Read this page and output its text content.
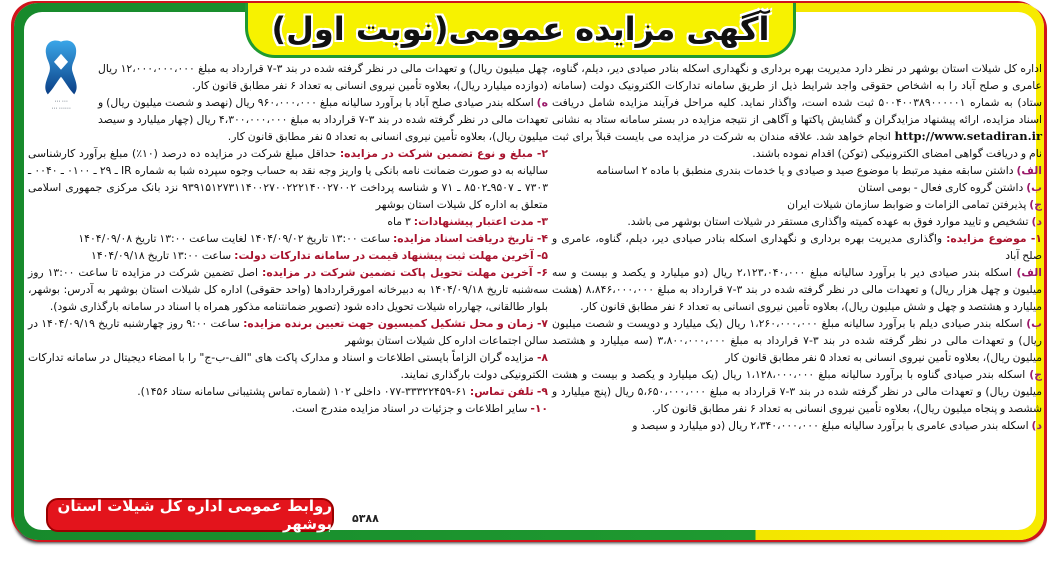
آگهی مزایده عمومی(نوبت اول)

اداره کل شیلات استان بوشهر در نظر دارد مدیریت بهره برداری و نگهداری اسکله بنادر صیادی دیر، دیلم، گناوه، عامری و صلح آباد را به اشخاص حقوقی واجد شرایط ذیل از طریق سامانه تدارکات الکترونیک دولت (سامانه ستاد) به شماره ۵۰۰۴۰۰۳۸۹۰۰۰۰۰۱ ثبت شده است، واگذار نماید. کلیه مراحل فرآیند مزایده شامل دریافت اسناد مزایده، ارائه پیشنهاد مزایدگران و گشایش پاکتها و آگاهی از نتیجه مزایده در بستر سامانه ستاد به نشانی http://www.setadiran.ir انجام خواهد شد. علاقه مندان به شرکت در مزایده می بایست قبلاً برای ثبت نام و دریافت گواهی امضای الکترونیکی (توکن) اقدام نموده باشند.

الف) داشتن سابقه مفید مرتبط با موضوع صید و صیادی و یا خدمات بندری منطبق با ماده ۲ اساسنامه

ب) داشتن گروه کاری فعال - بومی استان

ج) پذیرفتن تمامی الزامات و ضوابط سازمان شیلات ایران

د) تشخیص و تایید موارد فوق به عهده کمیته واگذاری مستقر در شیلات استان بوشهر می باشد.

۱- موضوع مزایده: واگذاری مدیریت بهره برداری و نگهداری اسکله بنادر صیادی دیر، دیلم، گناوه، عامری و صلح آباد

الف) اسکله بندر صیادی دیر با برآورد سالیانه مبلغ ۲،۱۲۳،۰۴۰،۰۰۰ ریال (دو میلیارد و یکصد و بیست و سه میلیون و چهل هزار ریال) و تعهدات مالی در نظر گرفته شده در بند ۳-۷ قرارداد به مبلغ ۸،۸۴۶،۰۰۰،۰۰۰ (هشت میلیارد و هشتصد و چهل و شش میلیون ریال)، بعلاوه تأمین نیروی انسانی به تعداد ۶ نفر مطابق قانون کار.

ب) اسکله بندر صیادی دیلم با برآورد سالیانه مبلغ ۱،۲۶۰،۰۰۰،۰۰۰ ریال (یک میلیارد و دویست و شصت میلیون ریال) و تعهدات مالی در نظر گرفته شده در بند ۳-۷ قرارداد به مبلغ ۳،۸۰۰،۰۰۰،۰۰۰ (سه میلیارد و هشتصد میلیون ریال)، بعلاوه تأمین نیروی انسانی به تعداد ۵ نفر مطابق قانون کار

ج) اسکله بندر صیادی گناوه با برآورد سالیانه مبلغ ۱،۱۲۸،۰۰۰،۰۰۰ ریال (یک میلیارد و یکصد و بیست و هشت میلیون ریال) و تعهدات مالی در نظر گرفته شده در بند ۳-۷ قرارداد به مبلغ ۵،۶۵۰،۰۰۰،۰۰۰ ریال (پنج میلیارد و ششصد و پنجاه میلیون ریال)، بعلاوه تأمین نیروی انسانی به تعداد ۶ نفر مطابق قانون کار.

د) اسکله بندر صیادی عامری با برآورد سالیانه مبلغ ۲،۳۴۰،۰۰۰،۰۰۰ ریال (دو میلیارد و سیصد و

⋯ ⋯
⋯⋯ ⋯

چهل میلیون ریال) و تعهدات مالی در نظر گرفته شده در بند ۳-۷ قرارداد به مبلغ ۱۲،۰۰۰،۰۰۰،۰۰۰ ریال (دوازده میلیارد ریال)، بعلاوه تأمین نیروی انسانی به تعداد ۶ نفر مطابق قانون کار.

ه) اسکله بندر صیادی صلح آباد با برآورد سالیانه مبلغ ۹۶۰،۰۰۰،۰۰۰ ریال (نهصد و شصت میلیون ریال) و تعهدات مالی در نظر گرفته شده در بند ۳-۷ قرارداد به مبلغ ۴،۳۰۰،۰۰۰،۰۰۰ ریال (چهار میلیارد و سیصد میلیون ریال)، بعلاوه تأمین نیروی انسانی به تعداد ۵ نفر مطابق قانون کار.

۲- مبلغ و نوع تضمین شرکت در مزایده: حداقل مبلغ شرکت در مزایده ده درصد (۱۰٪) مبلغ برآورد کارشناسی سالیانه به دو صورت ضمانت نامه بانکی یا واریز وجه نقد به حساب وجوه سپرده شبا به شماره IR ـ ۲۹ ـ ۰۱۰۰ ـ ۰۰۴۰ ـ ۷۳۰۳ ـ ۹۵۰۷ـ۸۵۰۲ ـ ۷۱ و شناسه پرداخت ۹۳۹۱۵۱۲۷۳۱۱۴۰۰۲۷۰۰۲۲۲۱۴۰۰۲۷۰۰۲ نزد بانک مرکزی جمهوری اسلامی متعلق به اداره کل شیلات استان بوشهر

۳- مدت اعتبار پیشنهادات: ۳ ماه

۴- تاریخ دریافت اسناد مزایده: ساعت ۱۳:۰۰ تاریخ ۱۴۰۴/۰۹/۰۲ لغایت ساعت ۱۳:۰۰ تاریخ ۱۴۰۴/۰۹/۰۸

۵- آخرین مهلت ثبت پیشنهاد قیمت در سامانه تدارکات دولت: ساعت ۱۳:۰۰ تاریخ ۱۴۰۴/۰۹/۱۸

۶- آخرین مهلت تحویل پاکت تضمین شرکت در مزایده: اصل تضمین شرکت در مزایده تا ساعت ۱۳:۰۰ روز سه‌شنبه تاریخ ۱۴۰۴/۰۹/۱۸ به دبیرخانه امورقراردادها (واحد حقوقی) اداره کل شیلات استان بوشهر به آدرس: بوشهر، بلوار طالقانی، چهارراه شیلات تحویل داده شود (تصویر ضمانتنامه مذکور همراه با اسناد در سامانه بارگذاری شود).

۷- زمان و محل تشکیل کمیسیون جهت تعیین برنده مزایده: ساعت ۹:۰۰ روز چهارشنبه تاریخ ۱۴۰۴/۰۹/۱۹ در سالن اجتماعات اداره کل شیلات استان بوشهر

۸- مزایده گران الزاماً بایستی اطلاعات و اسناد و مدارک پاکت های "الف-ب-ج" را با امضاء دیجیتال در سامانه تدارکات الکترونیکی دولت بارگذاری نمایند.

۹- تلفن تماس: ۶۱-۳۳۳۲۲۴۵۹-۰۷۷ داخلی ۱۰۲ (شماره تماس پشتیبانی سامانه ستاد ۱۴۵۶).

۱۰- سایر اطلاعات و جزئیات در اسناد مزایده مندرج است.

روابط عمومی اداره کل شیلات استان بوشهر ۵۳۸۸
